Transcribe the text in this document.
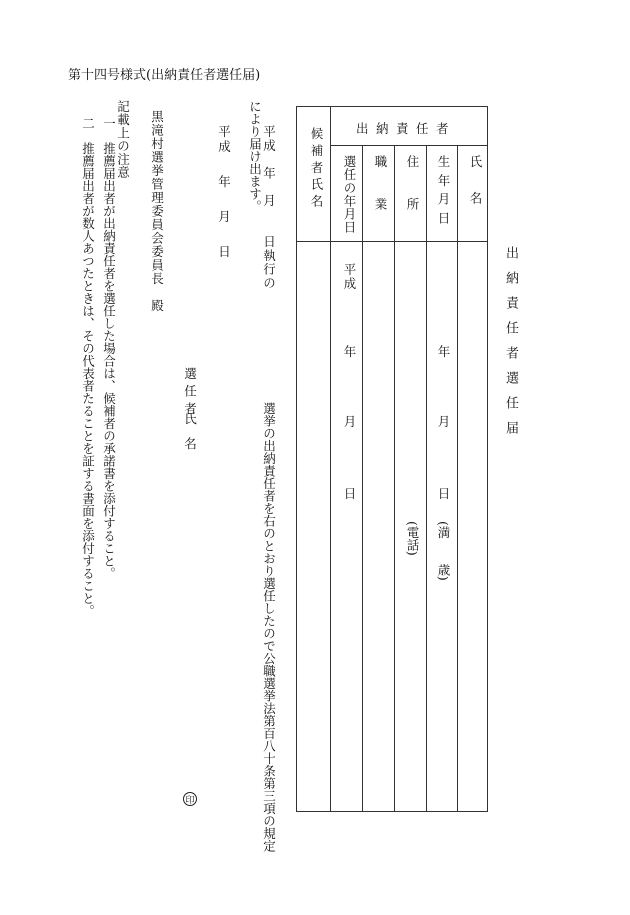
第十四号様式(出納責任者選任届)
出納責任者選任届
出納責任者
候補者氏名	氏名
生年月日
住所
職業
選任の年月日
平成
年
月
日
年
月
日
(満　　歳)
(電話)
選挙の出納責任者を右のとおり選任したので公職選挙法第百八十条第三項の規定
により届け出ます。 平成　年　月　　日執行の
平成
年
月
日
選任者
氏　名
印
黒滝村選挙管理委員会委員長　殿
記載上の注意
一　推薦届出者が出納責任者を選任した場合は、候補者の承諾書を添付すること。
二　推薦届出者が数人あつたときは、その代表者たることを証する書面を添付すること。
